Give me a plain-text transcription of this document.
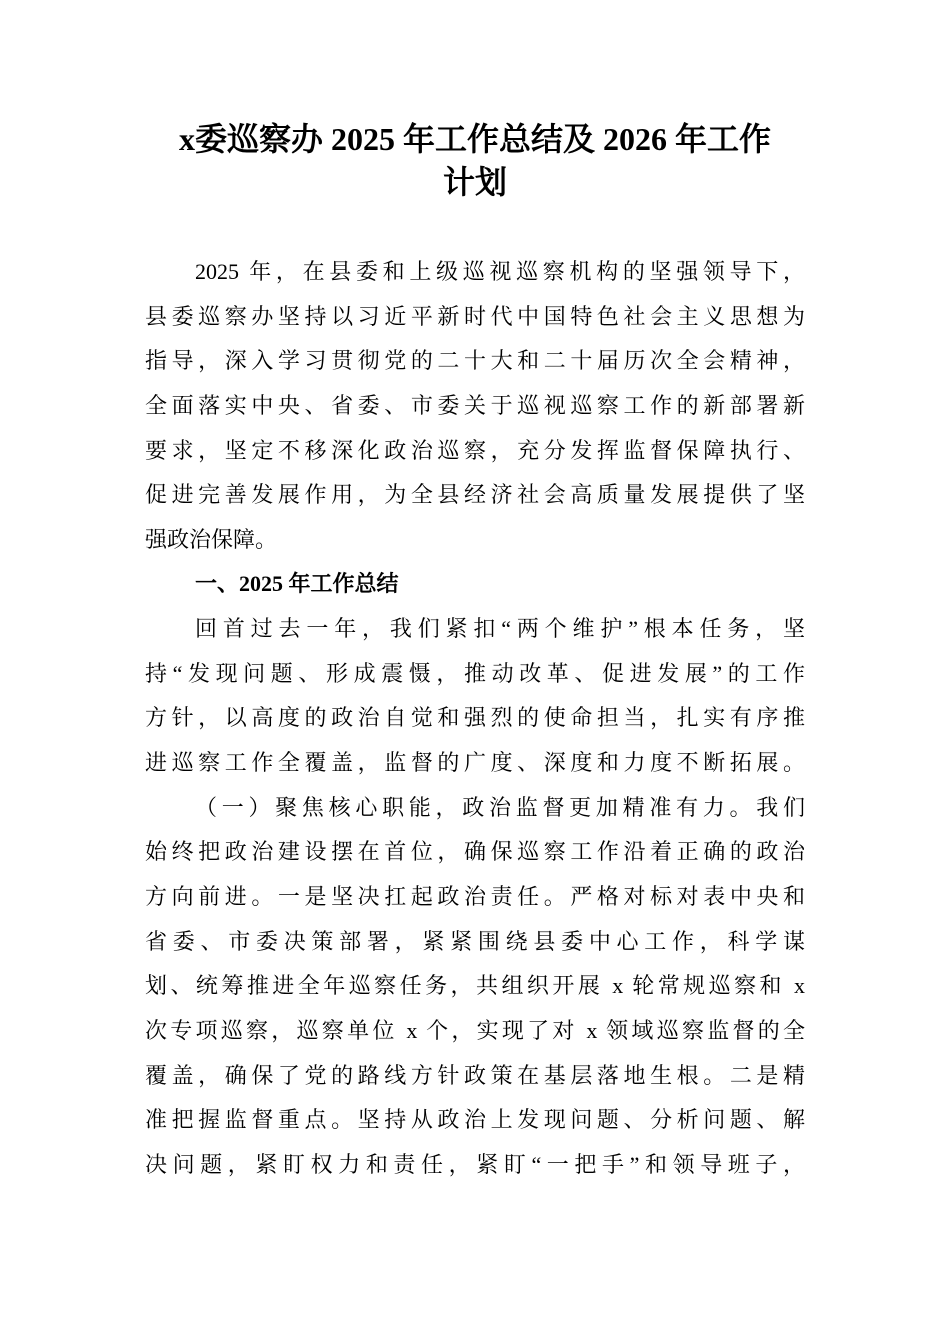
x委巡察办 2025 年工作总结及 2026 年工作
计划
2025 年，在县委和上级巡视巡察机构的坚强领导下，
县委巡察办坚持以习近平新时代中国特色社会主义思想为
指导，深入学习贯彻党的二十大和二十届历次全会精神，
全面落实中央、省委、市委关于巡视巡察工作的新部署新
要求，坚定不移深化政治巡察，充分发挥监督保障执行、
促进完善发展作用，为全县经济社会高质量发展提供了坚
强政治保障。
一、2025 年工作总结
回首过去一年，我们紧扣“两个维护”根本任务，坚
持“发现问题、形成震慑，推动改革、促进发展”的工作
方针，以高度的政治自觉和强烈的使命担当，扎实有序推
进巡察工作全覆盖，监督的广度、深度和力度不断拓展。
（一）聚焦核心职能，政治监督更加精准有力。我们
始终把政治建设摆在首位，确保巡察工作沿着正确的政治
方向前进。一是坚决扛起政治责任。严格对标对表中央和
省委、市委决策部署，紧紧围绕县委中心工作，科学谋
划、统筹推进全年巡察任务，共组织开展 x 轮常规巡察和 x
次专项巡察，巡察单位 x 个，实现了对 x 领域巡察监督的全
覆盖，确保了党的路线方针政策在基层落地生根。二是精
准把握监督重点。坚持从政治上发现问题、分析问题、解
决问题，紧盯权力和责任，紧盯“一把手”和领导班子，
